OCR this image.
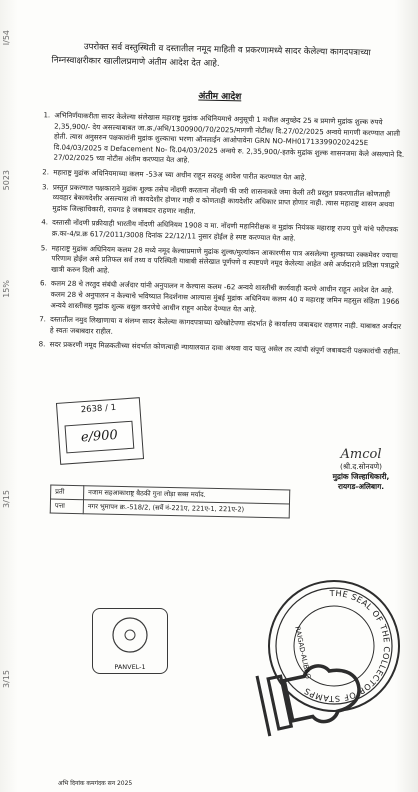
I/54
5023
15%
3/15
3/15

उपरोक्त सर्व वस्तुस्थिती व दस्तातील नमूद माहिती व प्रकरणामध्ये सादर केलेल्या कागदपत्राच्या

निम्नस्वाक्षरीकार खालीलप्रमाणे अंतीम आदेश देत आहे.

अंतीम आदेश
1. अभिनिर्णयाकरीता सादर केलेल्या संलेखास महाराष्ट्र मुद्रांक अधिनियमाचे अनुसूची 1 मधील अनुच्छेद 25 ब प्रमाणे मुद्रांक शुल्क रुपये 2,35,900/- देय असल्याबाबत जा.क्र./अभि/1300900/70/2025/मागणी नोटीस/ दि.27/02/2025 अन्वये मागणी करण्यात आली होती. त्यास अनुसरुन पक्षकारांनी मुद्रांक शुल्काचा भरणा ऑनलाईन आओपावेना GRN NO-MH017133990202425E दि.04/03/2025 व Defacement No- दि.04/03/2025 अन्वये रु. 2,35,900/-इतके मुद्रांक शुल्क शासनजमा केले असल्याने दि. 27/02/2025 च्या नोटीस अंतीम करण्यात येत आहे.
2. महाराष्ट्र मुद्रांक अधिनियमाच्या कलम -53अ च्या अधीन राहून सदरहू आदेश पारीत करण्यात येत आहे.
3. प्रस्तुत प्रकरणात पक्षकाराने मुद्रांक शुल्क तसेच नोंदणी करताना नोंदणी फी जरी शासनाकडे जमा केली तरी प्रस्तुत प्रकरणातील कोणताही व्यवहार बेकायदेशीर असल्यास तो कायदेशीर होणार नाही व कोणताही कायदेशीर अधिकार प्राप्त होणार नाही. त्यास महाराष्ट्र शासन अथवा मुद्रांक जिल्हाधिकारी, रायगड हे जबाबदार राहणार नाहीत.
4. दस्तासी नोंदणी प्रक्रीयाही भारतीय नोंदणी अधिनियम 1908 व मा. नोंदणी महानिरीक्षक व मुद्रांक नियंत्रक महाराष्ट्र राज्य पुणे यांचे परीपत्रक क्र.का-4/प्र.क्र 617/2011/3008 दिनांक 22/12/11 नुसार होईल हे स्पष्ट करण्यात येत आहे.
5. महाराष्ट्र मुद्रांक अधिनियम कलम 28 मध्ये नमूद केल्याप्रमाणे मुद्रांक शुल्क/मुल्यांकन आकारणीस पात्र असलेल्या शुल्काच्या रक्कमेवर ज्याचा परिणाम होईल असे प्रतिफल सर्व तथ्य व परिस्थिती याबाबी संलेखात पूर्णपणे व स्पष्टपणे नमूद केलेल्या आहेत असे अर्जदाराने प्रतिज्ञा पत्राद्वारे खात्री करुन दिली आहे.
6. कलम 28 चे तरतुद संबंधी अर्जदार यांनी अनुपालन न केल्यास कलम -62 अन्वये शास्तीची कार्यवाही करणे आधीन राहून आदेश देत आहे. कलम 28 चे अनुपालन न केल्याचे भविष्यात निदर्शनास आल्यास मुंबई मुद्रांक अधिनियम कलम 40 व महाराष्ट्र जमिन महसुल संहिता 1966 अन्वये शास्तीसह मुद्रांक शुल्क वसुल करणेचे आधीन राहून आदेश देण्यात येत आहे.
7. दस्तातील नमुद लिखाणाचा व संलग्न सादर केलेल्या कागदपत्राच्या खरेखोटेपणा संदर्भात हे कार्यालय जबाबदार राहणार नाही. याबाबत अर्जदार हे स्वतः जबाबदार राहील.
8. सदर प्रकरणी नमूद मिळकतीच्या संदर्भात कोणत्याही न्यायालयात दावा अथवा वाद चालु असेल तर त्यांची संपूर्ण जबाबदारी पक्षकारांची राहील.
2638 / 1
e/900
Amcol
(श्री.द.सोनवणे)
मुद्रांक जिल्हाधिकारी,
रायगड-अलिबाग.
प्रती	नजाम सहआकाराष्ट्र बैठकी गुना लोड़ा सब्स मर्याद.
पत्ता	नगर भुमापन क्र.-518/2, (सर्वे नं-221ए, 221ए-1, 221ए-2)
PANVEL-1
THE SEAL OF THE COLLECTOR OF STAMPS
RAIGAD-ALIBAG
अभि दिनांक कमगंदक सन 2025
